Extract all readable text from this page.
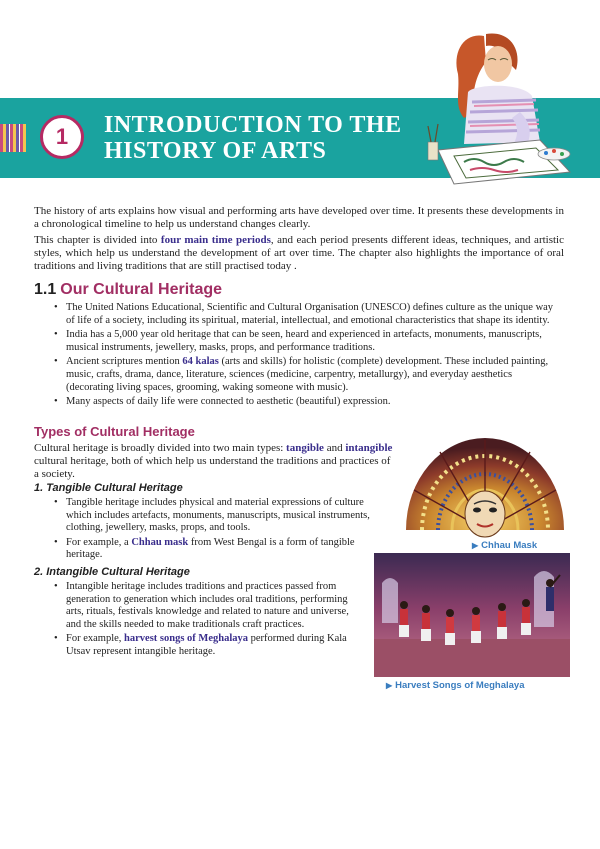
1	INTRODUCTION TO THE HISTORY OF ARTS

The history of arts explains how visual and performing arts have developed over time. It presents these developments in a chronological timeline to help us understand changes clearly.

This chapter is divided into four main time periods, and each period presents different ideas, techniques, and artistic styles, which help us understand the development of art over time. The chapter also highlights the importance of oral traditions and living traditions that are still practised today .

1.1 Our Cultural Heritage
• The United Nations Educational, Scientific and Cultural Organisation (UNESCO) defines culture as the unique way of life of a society, including its spiritual, material, intellectual, and emotional characteristics that shape its identity.
• India has a 5,000 year old heritage that can be seen, heard and experienced in artefacts, monuments, manuscripts, musical instruments, jewellery, masks, props, and performance traditions.
• Ancient scriptures mention 64 kalas (arts and skills) for holistic (complete) development. These included painting, music, crafts, drama, dance, literature, sciences (medicine, carpentry, metallurgy), and everyday aesthetics (decorating living spaces, grooming, waking someone with music).
• Many aspects of daily life were connected to aesthetic (beautiful) expression.
Types of Cultural Heritage

Cultural heritage is broadly divided into two main types: tangible and intangible cultural heritage, both of which help us understand the traditions and practices of a society.

1. Tangible Cultural Heritage
• Tangible heritage includes physical and material expressions of culture which includes artefacts, monuments, manuscripts, musical instruments, clothing, jewellery, masks, props, and tools.
• For example, a Chhau mask from West Bengal is a form of tangible heritage.
2. Intangible Cultural Heritage
• Intangible heritage includes traditions and practices passed from generation to generation which includes oral traditions, performing arts, rituals, festivals knowledge and related to nature and universe, and the skills needed to make traditionals craft practices.
• For example, harvest songs of Meghalaya performed during Kala Utsav represent intangible heritage.
▶ Chhau Mask
▶ Harvest Songs of Meghalaya
